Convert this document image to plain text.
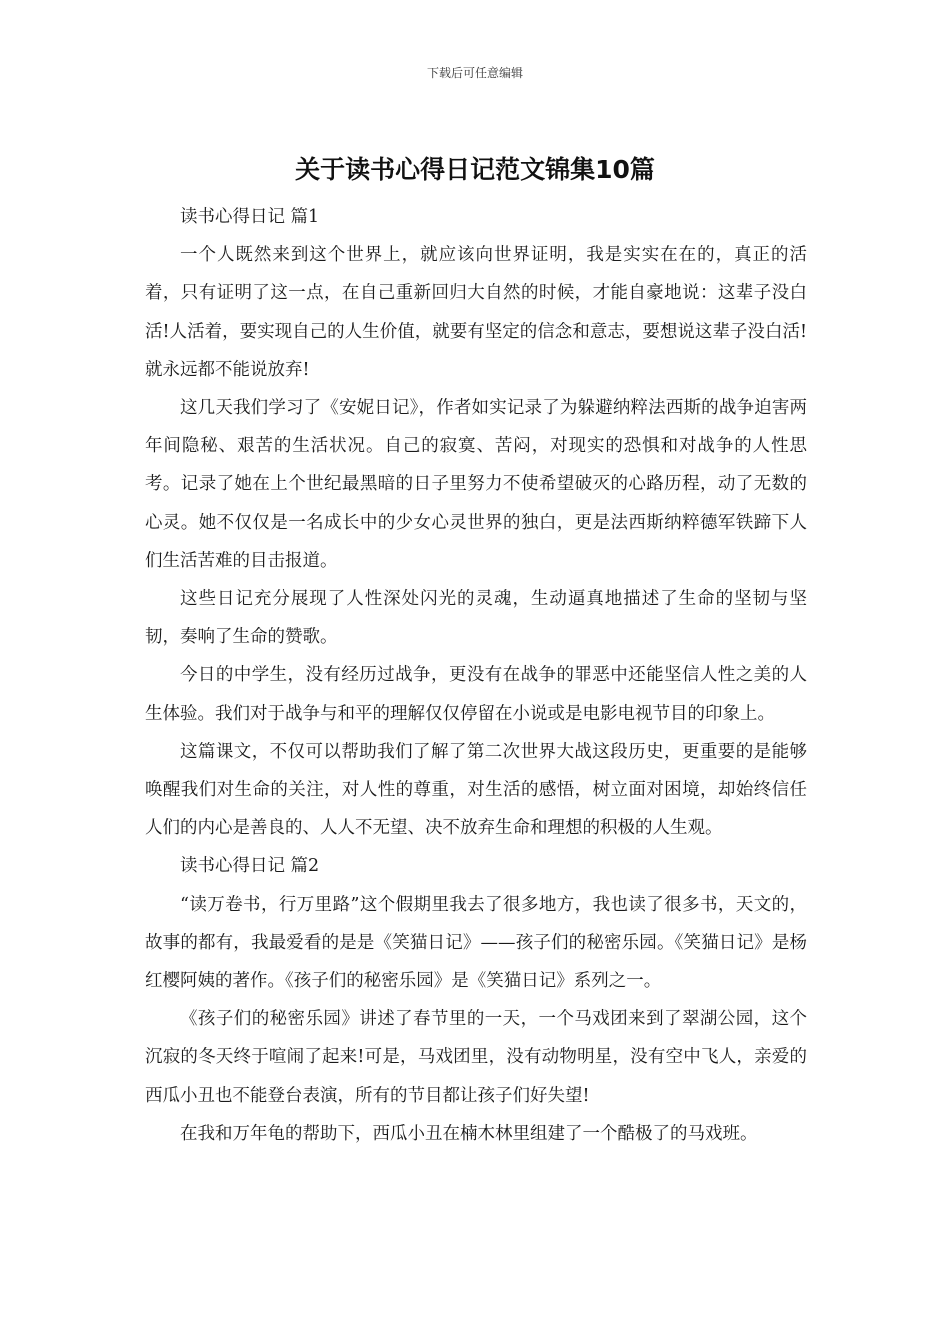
下载后可任意编辑
关于读书心得日记范文锦集10篇

读书心得日记 篇1

一个人既然来到这个世界上，就应该向世界证明，我是实实在在的，真正的活着，只有证明了这一点，在自己重新回归大自然的时候，才能自豪地说：这辈子没白活!人活着，要实现自己的人生价值，就要有坚定的信念和意志，要想说这辈子没白活!就永远都不能说放弃!

这几天我们学习了《安妮日记》，作者如实记录了为躲避纳粹法西斯的战争迫害两年间隐秘、艰苦的生活状况。自己的寂寞、苦闷，对现实的恐惧和对战争的人性思考。记录了她在上个世纪最黑暗的日子里努力不使希望破灭的心路历程，动了无数的心灵。她不仅仅是一名成长中的少女心灵世界的独白，更是法西斯纳粹德军铁蹄下人们生活苦难的目击报道。

这些日记充分展现了人性深处闪光的灵魂，生动逼真地描述了生命的坚韧与坚韧，奏响了生命的赞歌。

今日的中学生，没有经历过战争，更没有在战争的罪恶中还能坚信人性之美的人生体验。我们对于战争与和平的理解仅仅停留在小说或是电影电视节目的印象上。

这篇课文，不仅可以帮助我们了解了第二次世界大战这段历史，更重要的是能够唤醒我们对生命的关注，对人性的尊重，对生活的感悟，树立面对困境，却始终信任人们的内心是善良的、人人不无望、决不放弃生命和理想的积极的人生观。

读书心得日记 篇2

“读万卷书，行万里路”这个假期里我去了很多地方，我也读了很多书，天文的，故事的都有，我最爱看的是是《笑猫日记》——孩子们的秘密乐园。《笑猫日记》是杨红樱阿姨的著作。《孩子们的秘密乐园》是《笑猫日记》系列之一。

《孩子们的秘密乐园》讲述了春节里的一天，一个马戏团来到了翠湖公园，这个沉寂的冬天终于喧闹了起来!可是，马戏团里，没有动物明星，没有空中飞人，亲爱的西瓜小丑也不能登台表演，所有的节目都让孩子们好失望!

在我和万年龟的帮助下，西瓜小丑在楠木林里组建了一个酷极了的马戏班。
